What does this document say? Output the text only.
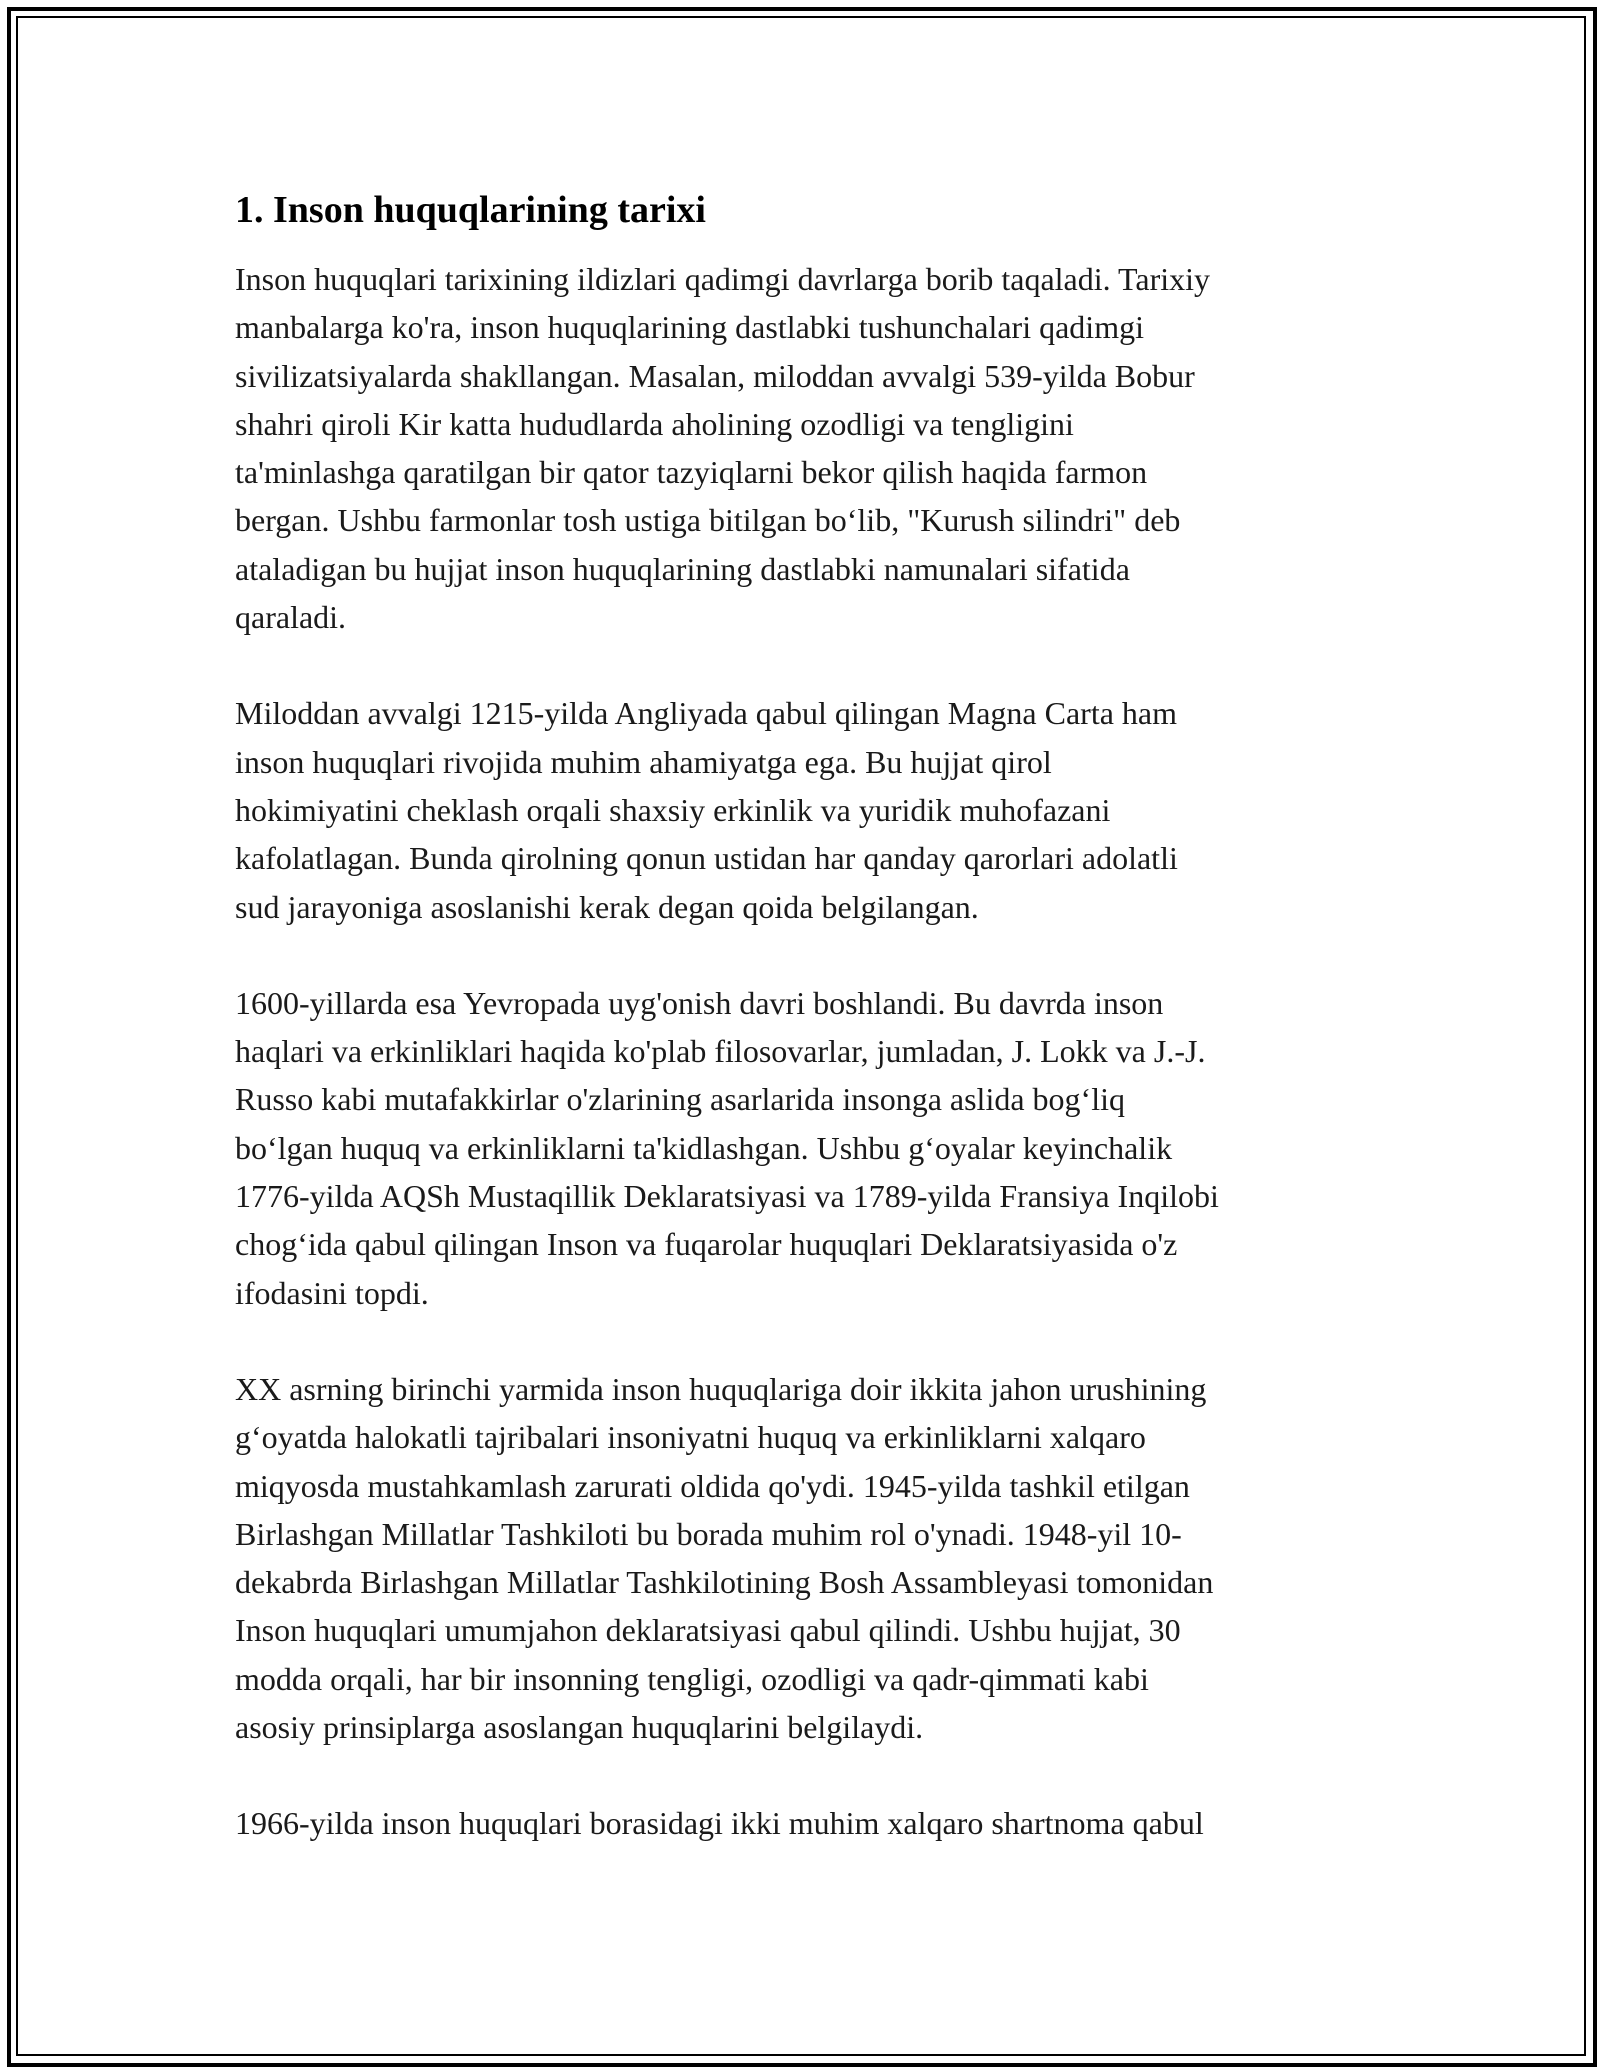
1. Inson huquqlarining tarixi

Inson huquqlari tarixining ildizlari qadimgi davrlarga borib taqaladi. Tarixiy
manbalarga ko'ra, inson huquqlarining dastlabki tushunchalari qadimgi
sivilizatsiyalarda shakllangan. Masalan, miloddan avvalgi 539-yilda Bobur
shahri qiroli Kir katta hududlarda aholining ozodligi va tengligini
ta'minlashga qaratilgan bir qator tazyiqlarni bekor qilish haqida farmon
bergan. Ushbu farmonlar tosh ustiga bitilgan bo‘lib, "Kurush silindri" deb
ataladigan bu hujjat inson huquqlarining dastlabki namunalari sifatida
qaraladi.

Miloddan avvalgi 1215-yilda Angliyada qabul qilingan Magna Carta ham
inson huquqlari rivojida muhim ahamiyatga ega. Bu hujjat qirol
hokimiyatini cheklash orqali shaxsiy erkinlik va yuridik muhofazani
kafolatlagan. Bunda qirolning qonun ustidan har qanday qarorlari adolatli
sud jarayoniga asoslanishi kerak degan qoida belgilangan.

1600-yillarda esa Yevropada uyg'onish davri boshlandi. Bu davrda inson
haqlari va erkinliklari haqida ko'plab filosovarlar, jumladan, J. Lokk va J.-J.
Russo kabi mutafakkirlar o'zlarining asarlarida insonga aslida bog‘liq
bo‘lgan huquq va erkinliklarni ta'kidlashgan. Ushbu g‘oyalar keyinchalik
1776-yilda AQSh Mustaqillik Deklaratsiyasi va 1789-yilda Fransiya Inqilobi
chog‘ida qabul qilingan Inson va fuqarolar huquqlari Deklaratsiyasida o'z
ifodasini topdi.

XX asrning birinchi yarmida inson huquqlariga doir ikkita jahon urushining
g‘oyatda halokatli tajribalari insoniyatni huquq va erkinliklarni xalqaro
miqyosda mustahkamlash zarurati oldida qo'ydi. 1945-yilda tashkil etilgan
Birlashgan Millatlar Tashkiloti bu borada muhim rol o'ynadi. 1948-yil 10-
dekabrda Birlashgan Millatlar Tashkilotining Bosh Assambleyasi tomonidan
Inson huquqlari umumjahon deklaratsiyasi qabul qilindi. Ushbu hujjat, 30
modda orqali, har bir insonning tengligi, ozodligi va qadr-qimmati kabi
asosiy prinsiplarga asoslangan huquqlarini belgilaydi.

1966-yilda inson huquqlari borasidagi ikki muhim xalqaro shartnoma qabul
